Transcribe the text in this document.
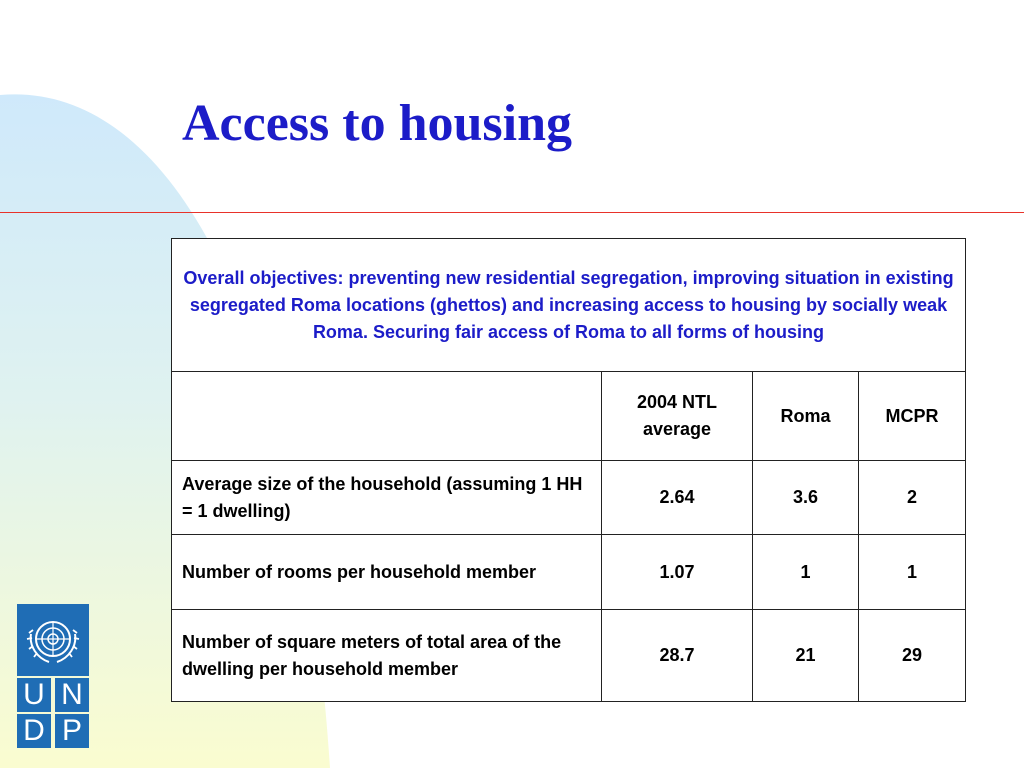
Access to housing
Overall objectives: preventing new residential segregation, improving situation in existing segregated Roma locations (ghettos) and increasing access to housing by socially weak Roma. Securing fair access of Roma to all forms of housing			
	2004 NTL average	Roma	MCPR
Average size of the household (assuming 1 HH = 1 dwelling)	2.64	3.6	2
Number of rooms per household member	1.07	1	1
Number of square meters of total area of the dwelling per household member	28.7	21	29
U N
D P
